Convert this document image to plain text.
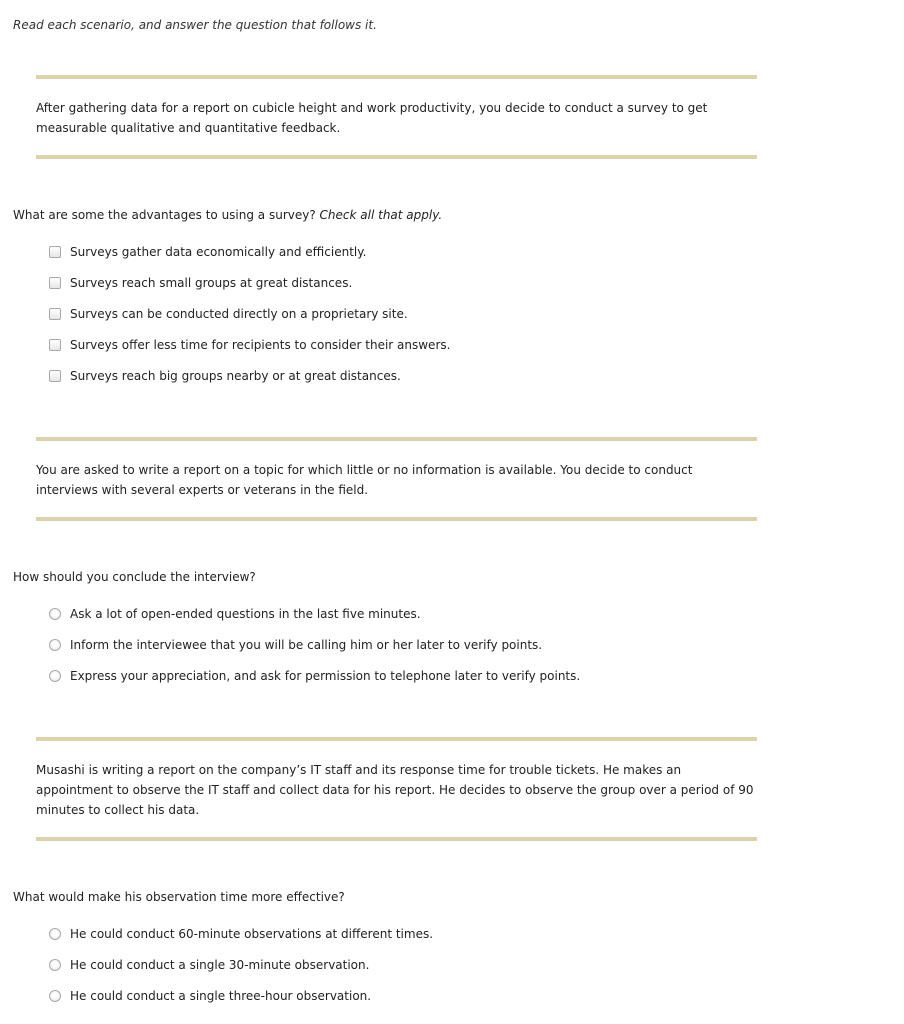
Read each scenario, and answer the question that follows it.
After gathering data for a report on cubicle height and work productivity, you decide to conduct a survey to get measurable qualitative and quantitative feedback.
What are some the advantages to using a survey? Check all that apply.
Surveys gather data economically and efficiently.
Surveys reach small groups at great distances.
Surveys can be conducted directly on a proprietary site.
Surveys offer less time for recipients to consider their answers.
Surveys reach big groups nearby or at great distances.
You are asked to write a report on a topic for which little or no information is available. You decide to conduct interviews with several experts or veterans in the field.
How should you conclude the interview?
Ask a lot of open-ended questions in the last five minutes.
Inform the interviewee that you will be calling him or her later to verify points.
Express your appreciation, and ask for permission to telephone later to verify points.
Musashi is writing a report on the company’s IT staff and its response time for trouble tickets. He makes an appointment to observe the IT staff and collect data for his report. He decides to observe the group over a period of 90 minutes to collect his data.
What would make his observation time more effective?
He could conduct 60-minute observations at different times.
He could conduct a single 30-minute observation.
He could conduct a single three-hour observation.
